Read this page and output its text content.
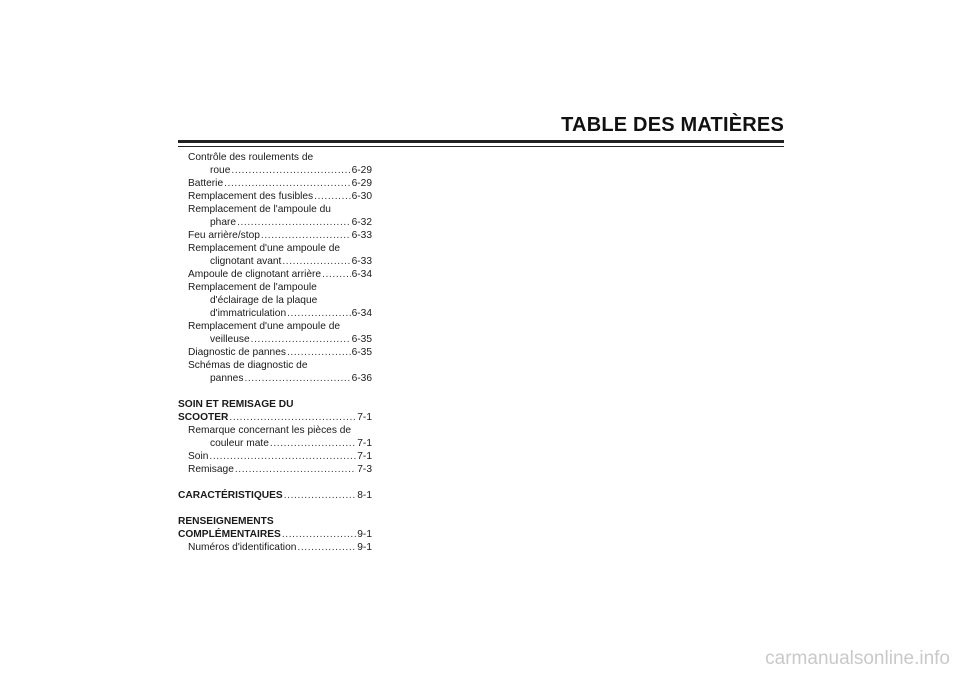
TABLE DES MATIÈRES
Contrôle des roulements de
roue .....	6-29
Batterie .....	6-29
Remplacement des fusibles .....	6-30
Remplacement de l'ampoule du
phare .....	6-32
Feu arrière/stop .....	6-33
Remplacement d'une ampoule de
clignotant avant .....	6-33
Ampoule de clignotant arrière .....	6-34
Remplacement de l'ampoule
d'éclairage de la plaque
d'immatriculation .....	6-34
Remplacement d'une ampoule de
veilleuse .....	6-35
Diagnostic de pannes .....	6-35
Schémas de diagnostic de
pannes .....	6-36
SOIN ET REMISAGE DU
SCOOTER .....	7-1
Remarque concernant les pièces de
couleur mate .....	7-1
Soin .....	7-1
Remisage .....	7-3
CARACTÉRISTIQUES .....	8-1
RENSEIGNEMENTS
COMPLÉMENTAIRES .....	9-1
Numéros d'identification .....	9-1
carmanualsonline.info
